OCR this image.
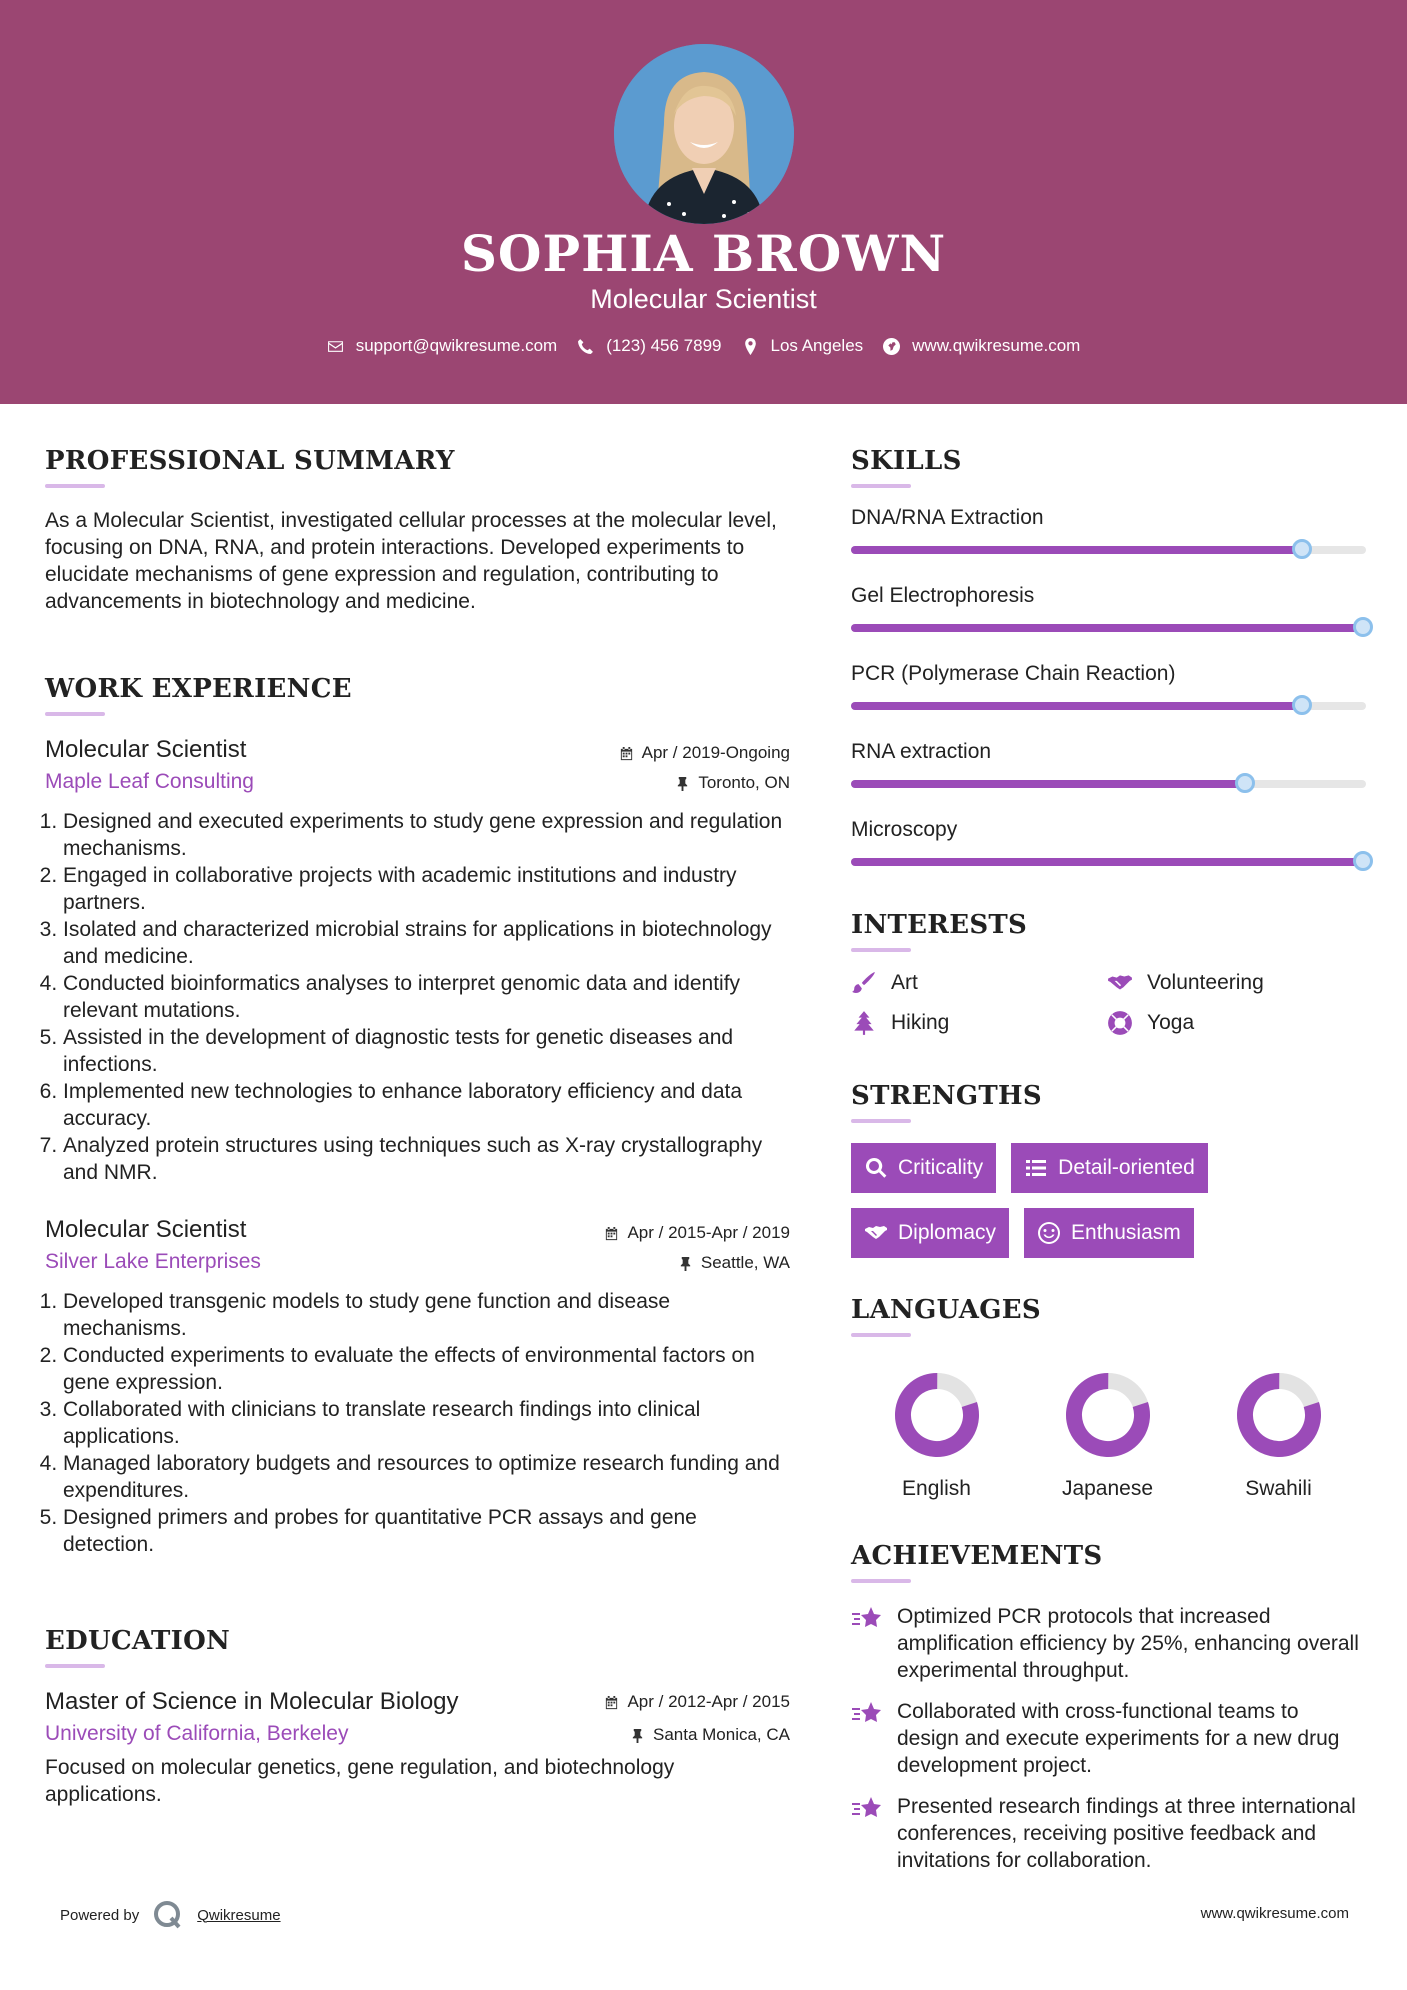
SOPHIA BROWN
Molecular Scientist
support@qwikresume.com	(123) 456 7899	Los Angeles	www.qwikresume.com
PROFESSIONAL SUMMARY
As a Molecular Scientist, investigated cellular processes at the molecular level, focusing on DNA, RNA, and protein interactions. Developed experiments to elucidate mechanisms of gene expression and regulation, contributing to advancements in biotechnology and medicine.
WORK EXPERIENCE
Molecular Scientist	Apr / 2019-Ongoing
Maple Leaf Consulting	Toronto, ON
1. Designed and executed experiments to study gene expression and regulation mechanisms.
2. Engaged in collaborative projects with academic institutions and industry partners.
3. Isolated and characterized microbial strains for applications in biotechnology and medicine.
4. Conducted bioinformatics analyses to interpret genomic data and identify relevant mutations.
5. Assisted in the development of diagnostic tests for genetic diseases and infections.
6. Implemented new technologies to enhance laboratory efficiency and data accuracy.
7. Analyzed protein structures using techniques such as X-ray crystallography and NMR.
Molecular Scientist	Apr / 2015-Apr / 2019
Silver Lake Enterprises	Seattle, WA
1. Developed transgenic models to study gene function and disease mechanisms.
2. Conducted experiments to evaluate the effects of environmental factors on gene expression.
3. Collaborated with clinicians to translate research findings into clinical applications.
4. Managed laboratory budgets and resources to optimize research funding and expenditures.
5. Designed primers and probes for quantitative PCR assays and gene detection.
EDUCATION
Master of Science in Molecular Biology	Apr / 2012-Apr / 2015
University of California, Berkeley	Santa Monica, CA
Focused on molecular genetics, gene regulation, and biotechnology applications.
SKILLS
DNA/RNA Extraction
Gel Electrophoresis
PCR (Polymerase Chain Reaction)
RNA extraction
Microscopy
INTERESTS
Art	Volunteering
Hiking	Yoga
STRENGTHS
Criticality	Detail-oriented
Diplomacy	Enthusiasm
LANGUAGES
English	Japanese	Swahili
ACHIEVEMENTS
Optimized PCR protocols that increased amplification efficiency by 25%, enhancing overall experimental throughput.
Collaborated with cross-functional teams to design and execute experiments for a new drug development project.
Presented research findings at three international conferences, receiving positive feedback and invitations for collaboration.
Powered by	Qwikresume	www.qwikresume.com
